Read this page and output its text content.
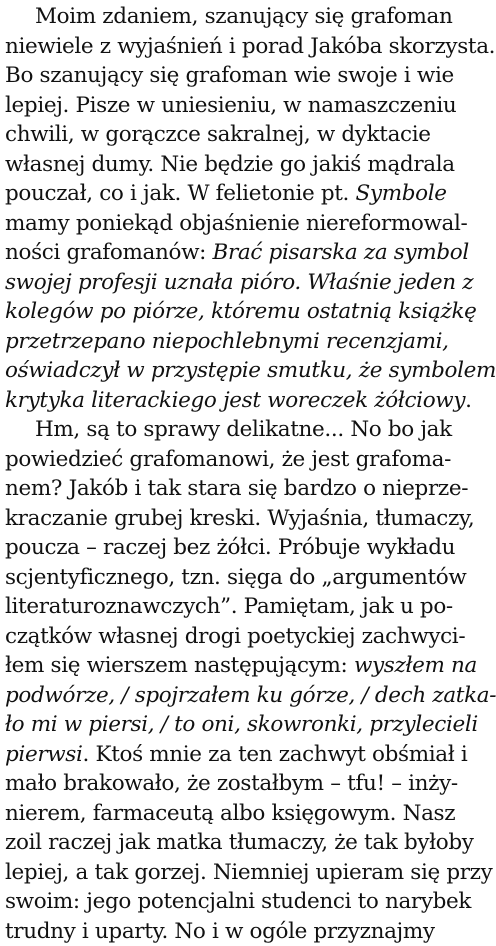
Moim zdaniem, szanujący się grafoman
niewiele z wyjaśnień i porad Jakóba skorzysta.
Bo szanujący się grafoman wie swoje i wie
lepiej. Pisze w uniesieniu, w namaszczeniu
chwili, w gorączce sakralnej, w dyktacie
własnej dumy. Nie będzie go jakiś mądrala
pouczał, co i jak. W felietonie pt. Symbole
mamy poniekąd objaśnienie niereformowal-
ności grafomanów: Brać pisarska za symbol
swojej profesji uznała pióro. Właśnie jeden z
kolegów po piórze, któremu ostatnią książkę
przetrzepano niepochlebnymi recenzjami,
oświadczył w przystępie smutku, że symbolem
krytyka literackiego jest woreczek żółciowy.
Hm, są to sprawy delikatne... No bo jak
powiedzieć grafomanowi, że jest grafoma-
nem? Jakób i tak stara się bardzo o nieprze-
kraczanie grubej kreski. Wyjaśnia, tłumaczy,
poucza – raczej bez żółci. Próbuje wykładu
scjentyficznego, tzn. sięga do „argumentów
literaturoznawczych”. Pamiętam, jak u po-
czątków własnej drogi poetyckiej zachwyci-
łem się wierszem następującym: wyszłem na
podwórze, / spojrzałem ku górze, / dech zatka-
ło mi w piersi, / to oni, skowronki, przylecieli
pierwsi. Ktoś mnie za ten zachwyt obśmiał i
mało brakowało, że zostałbym – tfu! – inży-
nierem, farmaceutą albo księgowym. Nasz
zoil raczej jak matka tłumaczy, że tak byłoby
lepiej, a tak gorzej. Niemniej upieram się przy
swoim: jego potencjalni studenci to narybek
trudny i uparty. No i w ogóle przyznajmy
